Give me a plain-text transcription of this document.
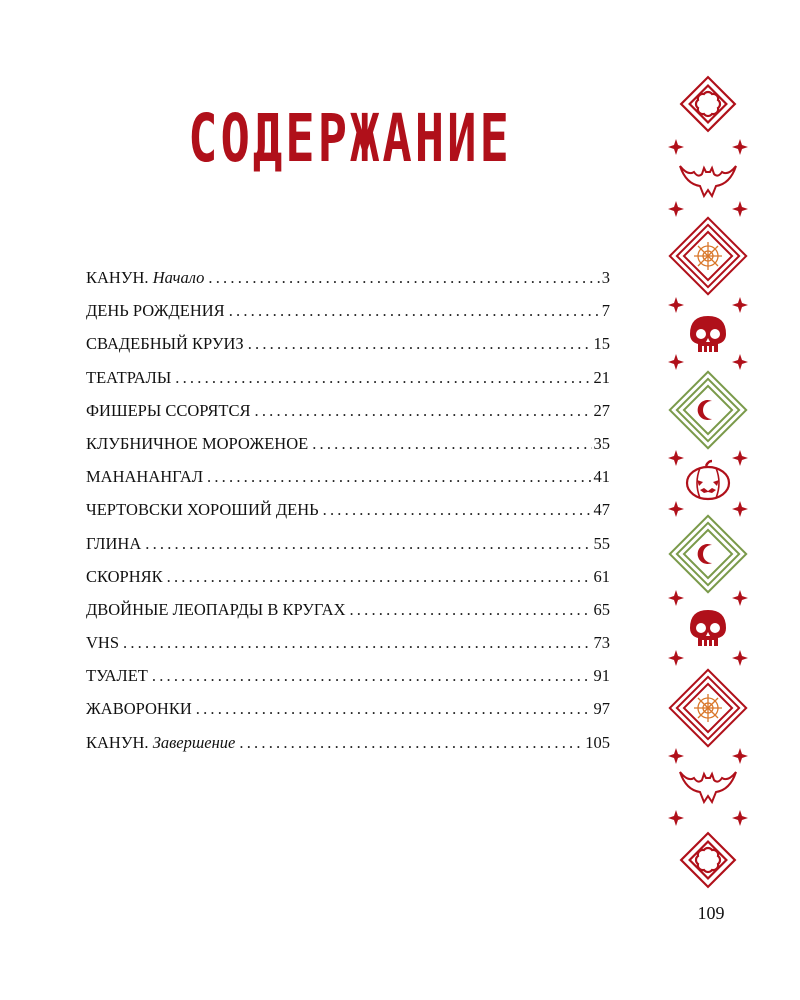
СОДЕРЖАНИЕ
КАНУН. Начало .....	3
ДЕНЬ РОЖДЕНИЯ .....	7
СВАДЕБНЫЙ КРУИЗ .....	15
ТЕАТРАЛЫ .....	21
ФИШЕРЫ ССОРЯТСЯ .....	27
КЛУБНИЧНОЕ МОРОЖЕНОЕ .....	35
МАНАНАНГАЛ .....	41
ЧЕРТОВСКИ ХОРОШИЙ ДЕНЬ .....	47
ГЛИНА .....	55
СКОРНЯК .....	61
ДВОЙНЫЕ ЛЕОПАРДЫ В КРУГАХ .....	65
VHS .....	73
ТУАЛЕТ .....	91
ЖАВОРОНКИ .....	97
КАНУН. Завершение .....	105
109
